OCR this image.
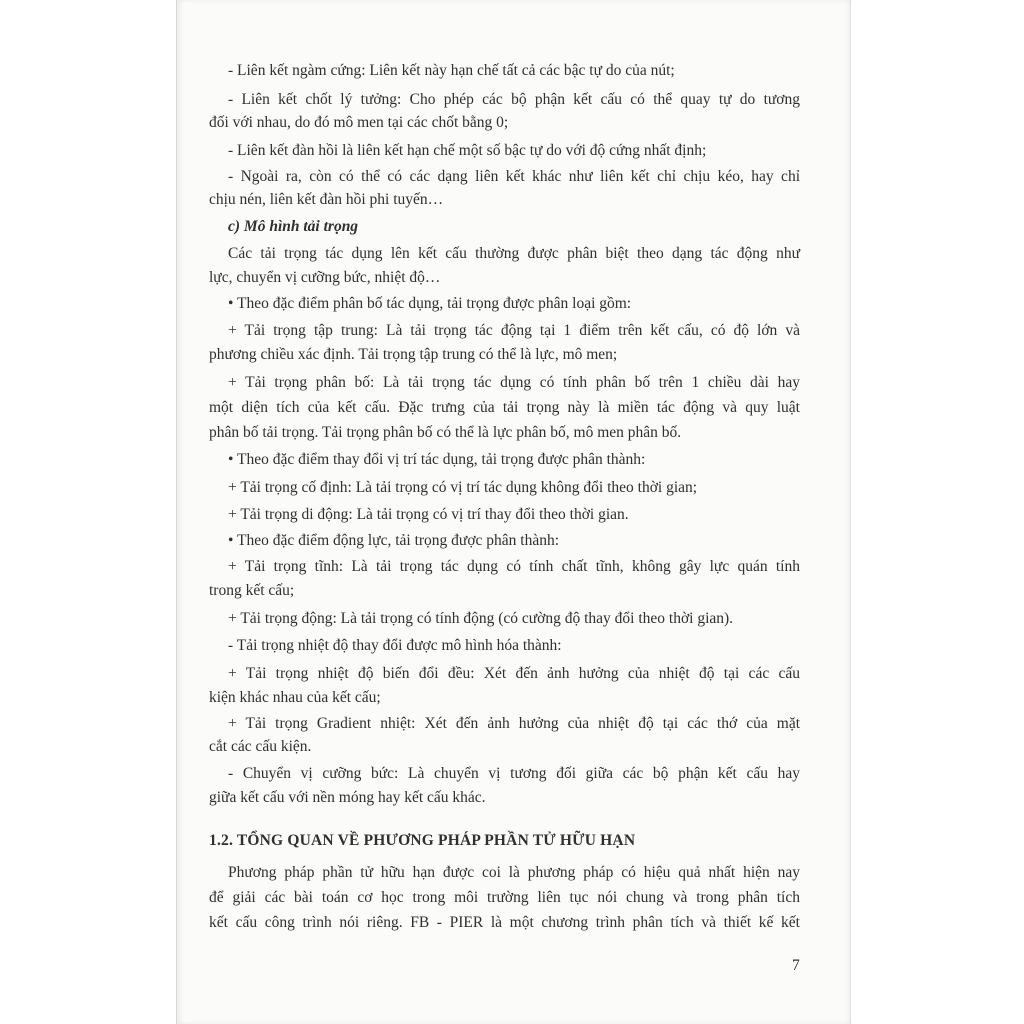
- Liên kết ngàm cứng: Liên kết này hạn chế tất cả các bậc tự do của nút;
- Liên kết chốt lý tưởng: Cho phép các bộ phận kết cấu có thể quay tự do tương
đối với nhau, do đó mô men tại các chốt bằng 0;
- Liên kết đàn hồi là liên kết hạn chế một số bậc tự do với độ cứng nhất định;
- Ngoài ra, còn có thể có các dạng liên kết khác như liên kết chỉ chịu kéo, hay chỉ
chịu nén, liên kết đàn hồi phi tuyến…
c) Mô hình tải trọng
Các tải trọng tác dụng lên kết cấu thường được phân biệt theo dạng tác động như
lực, chuyển vị cưỡng bức, nhiệt độ…
• Theo đặc điểm phân bố tác dụng, tải trọng được phân loại gồm:
+ Tải trọng tập trung: Là tải trọng tác động tại 1 điểm trên kết cấu, có độ lớn và
phương chiều xác định. Tải trọng tập trung có thể là lực, mô men;
+ Tải trọng phân bố: Là tải trọng tác dụng có tính phân bố trên 1 chiều dài hay
một diện tích của kết cấu. Đặc trưng của tải trọng này là miền tác động và quy luật
phân bố tải trọng. Tải trọng phân bố có thể là lực phân bố, mô men phân bố.
• Theo đặc điểm thay đổi vị trí tác dụng, tải trọng được phân thành:
+ Tải trọng cố định: Là tải trọng có vị trí tác dụng không đổi theo thời gian;
+ Tải trọng di động: Là tải trọng có vị trí thay đổi theo thời gian.
• Theo đặc điểm động lực, tải trọng được phân thành:
+ Tải trọng tĩnh: Là tải trọng tác dụng có tính chất tĩnh, không gây lực quán tính
trong kết cấu;
+ Tải trọng động: Là tải trọng có tính động (có cường độ thay đổi theo thời gian).
- Tải trọng nhiệt độ thay đổi được mô hình hóa thành:
+ Tải trọng nhiệt độ biến đổi đều: Xét đến ảnh hưởng của nhiệt độ tại các cấu
kiện khác nhau của kết cấu;
+ Tải trọng Gradient nhiệt: Xét đến ảnh hưởng của nhiệt độ tại các thớ của mặt
cắt các cấu kiện.
- Chuyển vị cưỡng bức: Là chuyển vị tương đối giữa các bộ phận kết cấu hay
giữa kết cấu với nền móng hay kết cấu khác.
1.2. TỔNG QUAN VỀ PHƯƠNG PHÁP PHẦN TỬ HỮU HẠN
Phương pháp phần tử hữu hạn được coi là phương pháp có hiệu quả nhất hiện nay
để giải các bài toán cơ học trong môi trường liên tục nói chung và trong phân tích
kết cấu công trình nói riêng. FB - PIER là một chương trình phân tích và thiết kế kết
7
